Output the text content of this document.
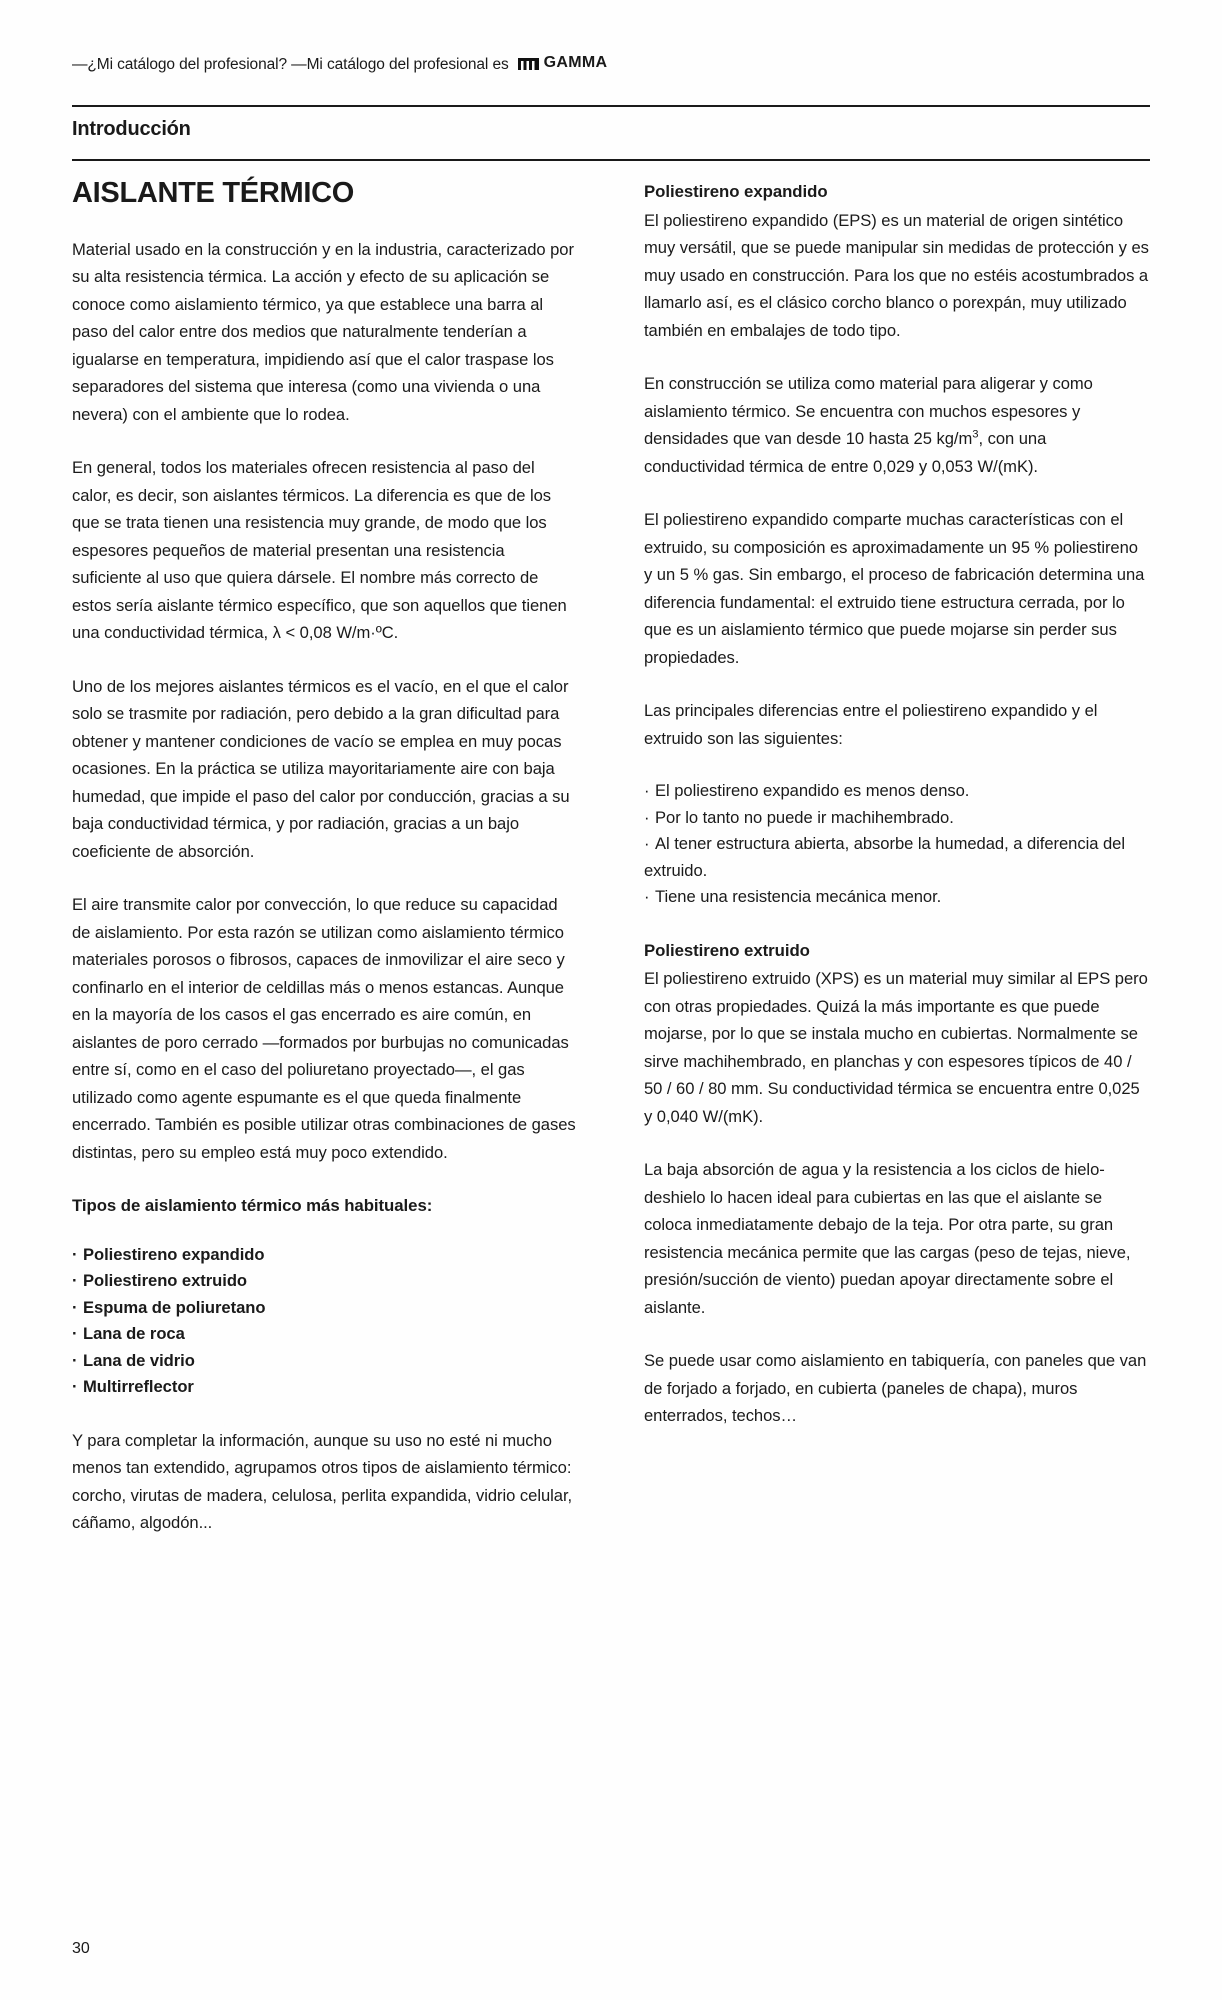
—¿Mi catálogo del profesional? —Mi catálogo del profesional es GAMMA
Introducción
AISLANTE TÉRMICO

Material usado en la construcción y en la industria, caracterizado por su alta resistencia térmica. La acción y efecto de su aplicación se conoce como aislamiento térmico, ya que establece una barra al paso del calor entre dos medios que naturalmente tenderían a igualarse en temperatura, impidiendo así que el calor traspase los separadores del sistema que interesa (como una vivienda o una nevera) con el ambiente que lo rodea.

En general, todos los materiales ofrecen resistencia al paso del calor, es decir, son aislantes térmicos. La diferencia es que de los que se trata tienen una resistencia muy grande, de modo que los espesores pequeños de material presentan una resistencia suficiente al uso que quiera dársele. El nombre más correcto de estos sería aislante térmico específico, que son aquellos que tienen una conductividad térmica, λ < 0,08 W/m·ºC.

Uno de los mejores aislantes térmicos es el vacío, en el que el calor solo se trasmite por radiación, pero debido a la gran dificultad para obtener y mantener condiciones de vacío se emplea en muy pocas ocasiones. En la práctica se utiliza mayoritariamente aire con baja humedad, que impide el paso del calor por conducción, gracias a su baja conductividad térmica, y por radiación, gracias a un bajo coeficiente de absorción.

El aire transmite calor por convección, lo que reduce su capacidad de aislamiento. Por esta razón se utilizan como aislamiento térmico materiales porosos o fibrosos, capaces de inmovilizar el aire seco y confinarlo en el interior de celdillas más o menos estancas. Aunque en la mayoría de los casos el gas encerrado es aire común, en aislantes de poro cerrado —formados por burbujas no comunicadas entre sí, como en el caso del poliuretano proyectado—, el gas utilizado como agente espumante es el que queda finalmente encerrado. También es posible utilizar otras combinaciones de gases distintas, pero su empleo está muy poco extendido.

Tipos de aislamiento térmico más habituales:
· Poliestireno expandido
· Poliestireno extruido
· Espuma de poliuretano
· Lana de roca
· Lana de vidrio
· Multirreflector

Y para completar la información, aunque su uso no esté ni mucho menos tan extendido, agrupamos otros tipos de aislamiento térmico: corcho, virutas de madera, celulosa, perlita expandida, vidrio celular, cáñamo, algodón...

Poliestireno expandido

El poliestireno expandido (EPS) es un material de origen sintético muy versátil, que se puede manipular sin medidas de protección y es muy usado en construcción. Para los que no estéis acostumbrados a llamarlo así, es el clásico corcho blanco o porexpán, muy utilizado también en embalajes de todo tipo.

En construcción se utiliza como material para aligerar y como aislamiento térmico. Se encuentra con muchos espesores y densidades que van desde 10 hasta 25 $kg/m^3$, con una conductividad térmica de entre 0,029 y 0,053 W/(mK).

El poliestireno expandido comparte muchas características con el extruido, su composición es aproximadamente un 95 % poliestireno y un 5 % gas. Sin embargo, el proceso de fabricación determina una diferencia fundamental: el extruido tiene estructura cerrada, por lo que es un aislamiento térmico que puede mojarse sin perder sus propiedades.

Las principales diferencias entre el poliestireno expandido y el extruido son las siguientes:

· El poliestireno expandido es menos denso.
· Por lo tanto no puede ir machihembrado.
· Al tener estructura abierta, absorbe la humedad, a diferencia del extruido.
· Tiene una resistencia mecánica menor.
Poliestireno extruido

El poliestireno extruido (XPS) es un material muy similar al EPS pero con otras propiedades. Quizá la más importante es que puede mojarse, por lo que se instala mucho en cubiertas. Normalmente se sirve machihembrado, en planchas y con espesores típicos de 40 / 50 / 60 / 80 mm. Su conductividad térmica se encuentra entre 0,025 y 0,040 W/(mK).

La baja absorción de agua y la resistencia a los ciclos de hielo-deshielo lo hacen ideal para cubiertas en las que el aislante se coloca inmediatamente debajo de la teja. Por otra parte, su gran resistencia mecánica permite que las cargas (peso de tejas, nieve, presión/succión de viento) puedan apoyar directamente sobre el aislante.

Se puede usar como aislamiento en tabiquería, con paneles que van de forjado a forjado, en cubierta (paneles de chapa), muros enterrados, techos…

30
